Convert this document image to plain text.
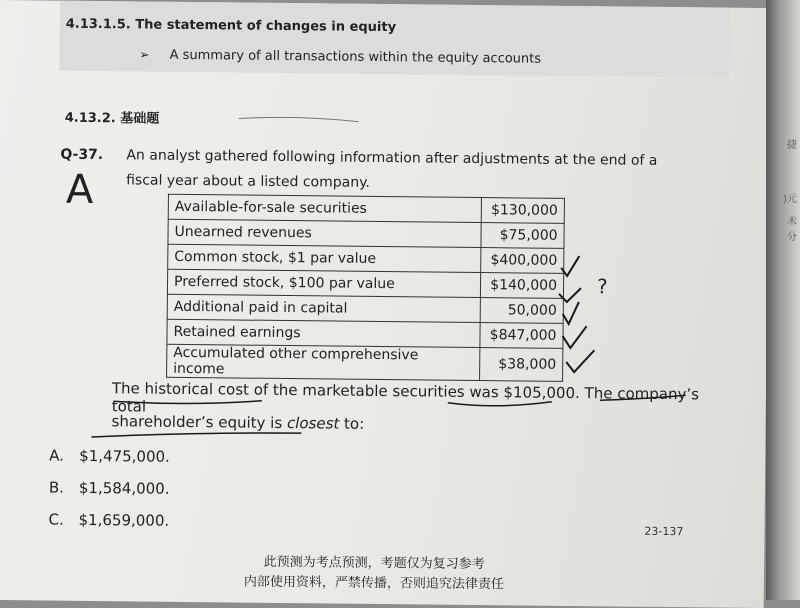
4.13.1.5. The statement of changes in equity
➢ A summary of all transactions within the equity accounts
4.13.2. 基础题
Q-37. An analyst gathered following information after adjustments at the end of a fiscal year about a listed company.
A
?
Available-for-sale securities	$130,000
Unearned revenues	$75,000
Common stock, $1 par value	$400,000
Preferred stock, $100 par value	$140,000
Additional paid in capital	50,000
Retained earnings	$847,000
Accumulated other comprehensive income	$38,000
The historical cost of the marketable securities was $105,000. The company’s total
shareholder’s equity is closest to:
A. $1,475,000.
B. $1,584,000.
C. $1,659,000.
23-137
此预测为考点预测，考题仅为复习参考
内部使用资料，严禁传播，否则追究法律责任
捷
)元
未
分
